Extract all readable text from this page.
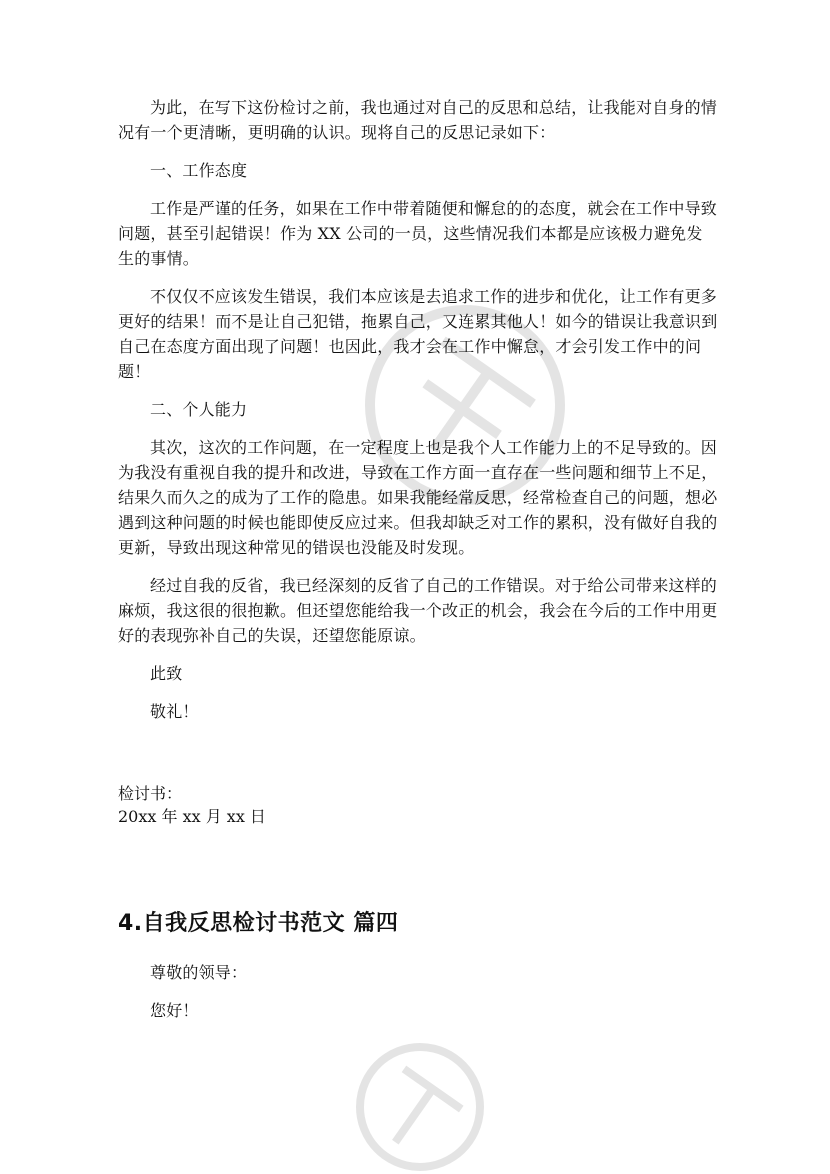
为此，在写下这份检讨之前，我也通过对自己的反思和总结，让我能对自身的情况有一个更清晰，更明确的认识。现将自己的反思记录如下：

一、工作态度

工作是严谨的任务，如果在工作中带着随便和懈怠的的态度，就会在工作中导致问题，甚至引起错误！作为 XX 公司的一员，这些情况我们本都是应该极力避免发生的事情。

不仅仅不应该发生错误，我们本应该是去追求工作的进步和优化，让工作有更多更好的结果！而不是让自己犯错，拖累自己，又连累其他人！如今的错误让我意识到自己在态度方面出现了问题！也因此，我才会在工作中懈怠，才会引发工作中的问题！

二、个人能力

其次，这次的工作问题，在一定程度上也是我个人工作能力上的不足导致的。因为我没有重视自我的提升和改进，导致在工作方面一直存在一些问题和细节上不足，结果久而久之的成为了工作的隐患。如果我能经常反思，经常检查自己的问题，想必遇到这种问题的时候也能即使反应过来。但我却缺乏对工作的累积，没有做好自我的更新，导致出现这种常见的错误也没能及时发现。

经过自我的反省，我已经深刻的反省了自己的工作错误。对于给公司带来这样的麻烦，我这很的很抱歉。但还望您能给我一个改正的机会，我会在今后的工作中用更好的表现弥补自己的失误，还望您能原谅。

此致

敬礼！

检讨书：
20xx 年 xx 月 xx 日
4.自我反思检讨书范文 篇四

尊敬的领导：

您好！
